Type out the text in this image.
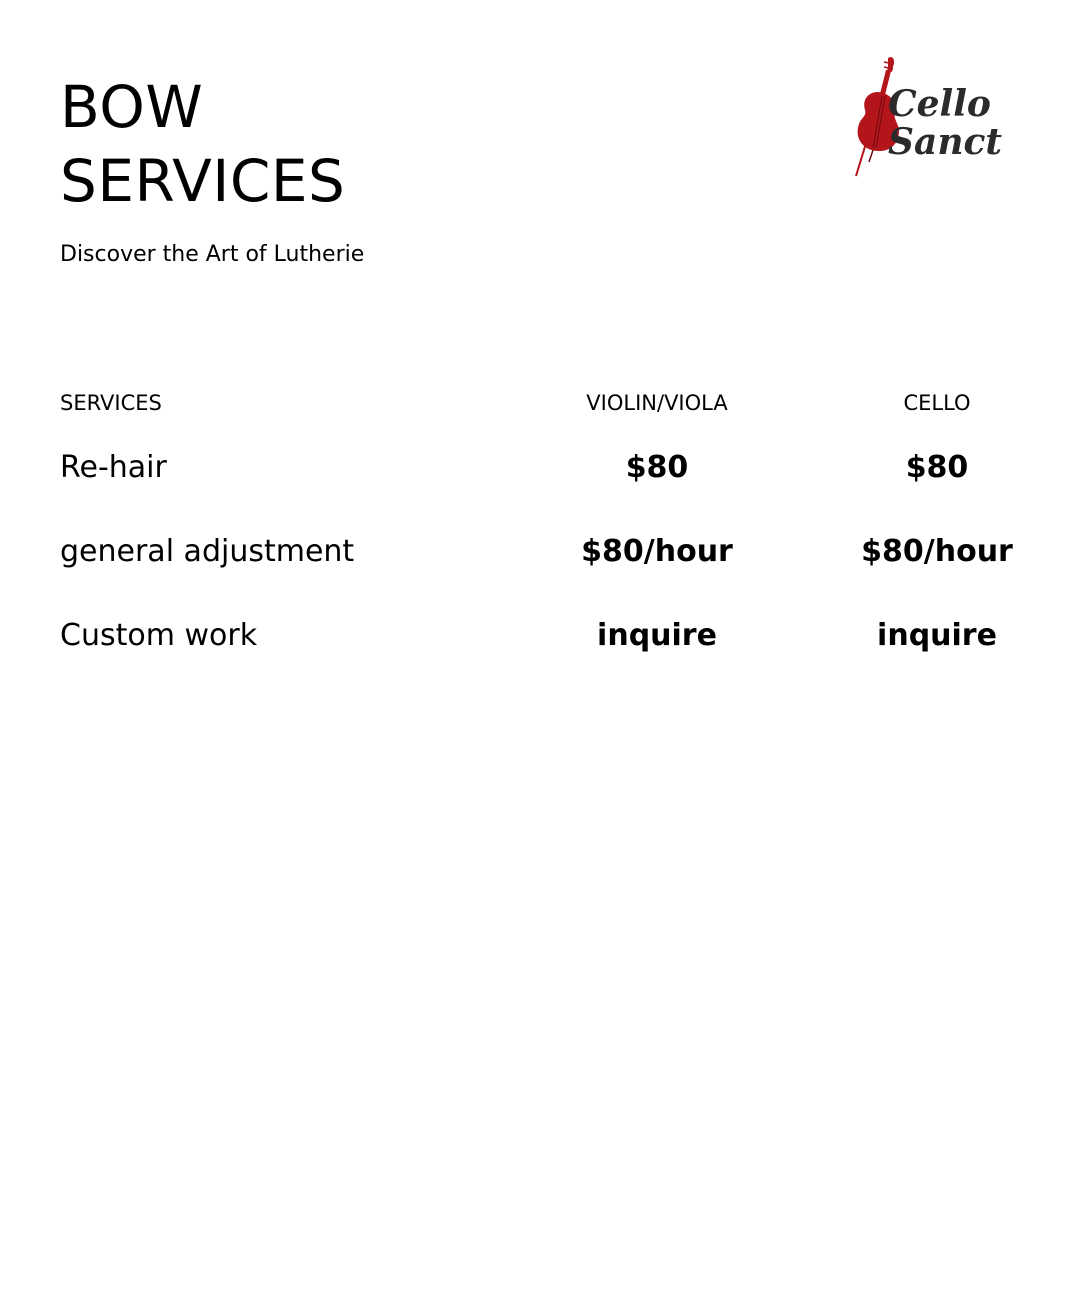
BOW
SERVICES
Discover the Art of Lutherie
Cello
Sanct
SERVICES	VIOLIN/VIOLA	CELLO
Re-hair	$80	$80
general adjustment	$80/hour	$80/hour
Custom work	inquire	inquire
